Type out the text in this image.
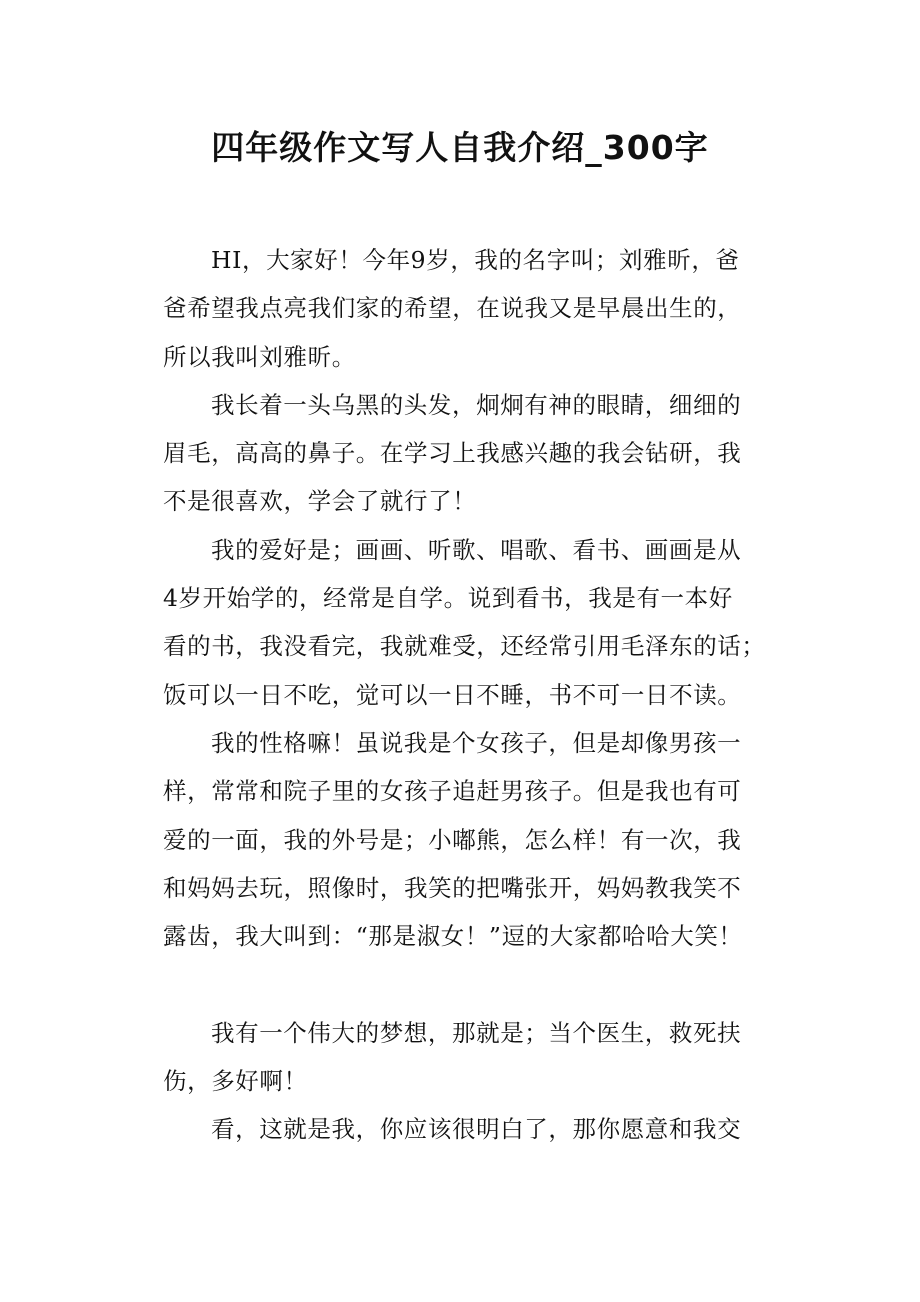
四年级作文写人自我介绍_300字
HI，大家好！今年9岁，我的名字叫；刘雅昕，爸
爸希望我点亮我们家的希望，在说我又是早晨出生的，
所以我叫刘雅昕。
我长着一头乌黑的头发，炯炯有神的眼睛，细细的
眉毛，高高的鼻子。在学习上我感兴趣的我会钻研，我
不是很喜欢，学会了就行了！
我的爱好是；画画、听歌、唱歌、看书、画画是从
4岁开始学的，经常是自学。说到看书，我是有一本好
看的书，我没看完，我就难受，还经常引用毛泽东的话；
饭可以一日不吃，觉可以一日不睡，书不可一日不读。
我的性格嘛！虽说我是个女孩子，但是却像男孩一
样，常常和院子里的女孩子追赶男孩子。但是我也有可
爱的一面，我的外号是；小嘟熊，怎么样！有一次，我
和妈妈去玩，照像时，我笑的把嘴张开，妈妈教我笑不
露齿，我大叫到：“那是淑女！”逗的大家都哈哈大笑！
我有一个伟大的梦想，那就是；当个医生，救死扶
伤，多好啊！
看，这就是我，你应该很明白了，那你愿意和我交
